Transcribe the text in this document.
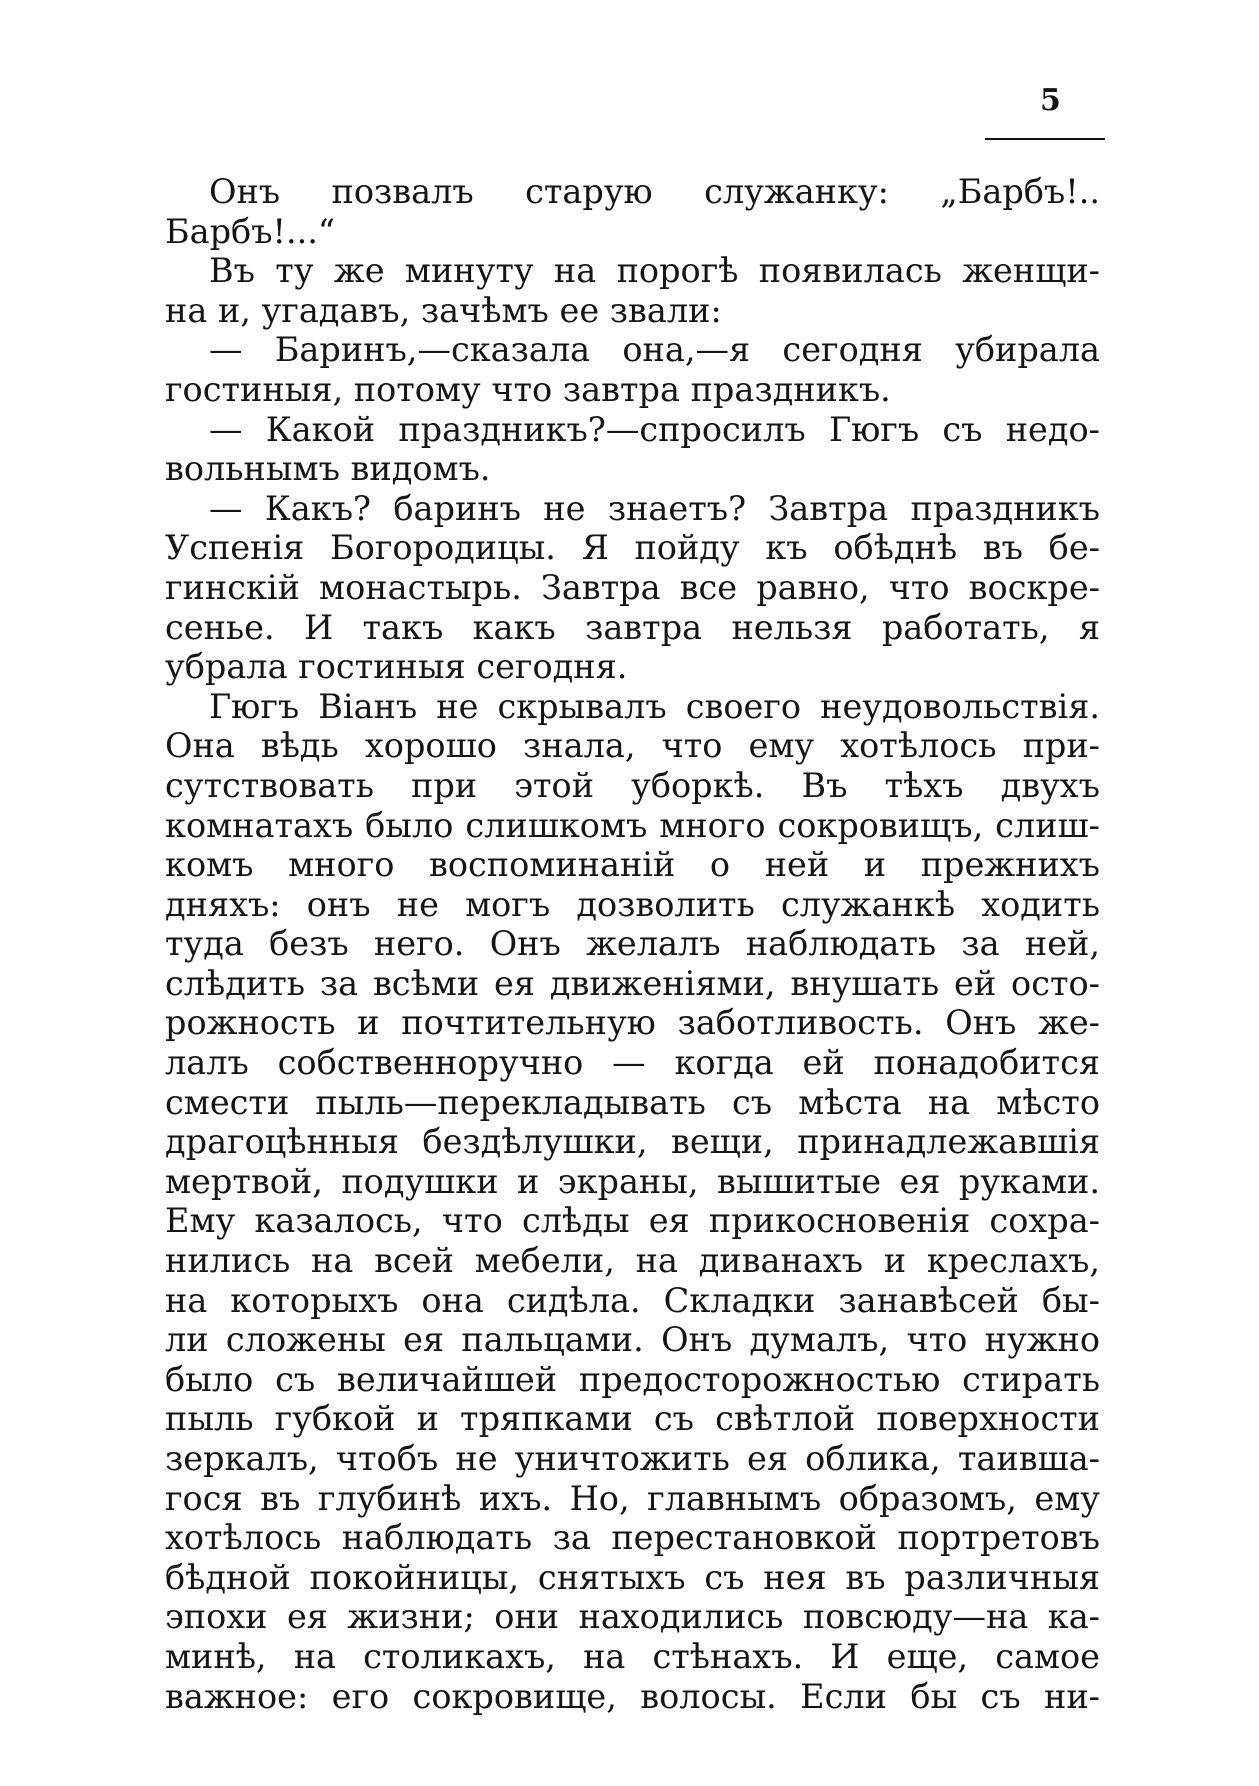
5
Онъ позвалъ старую служанку: „Барбъ!..
Барбъ!...“
Въ ту же минуту на порогѣ появилась женщи-
на и, угадавъ, зачѣмъ ее звали:
— Баринъ,—сказала она,—я сегодня убирала
гостиныя, потому что завтра праздникъ.
— Какой праздникъ?—спросилъ Гюгъ съ недо-
вольнымъ видомъ.
— Какъ? баринъ не знаетъ? Завтра праздникъ
Успенія Богородицы. Я пойду къ обѣднѣ въ бе-
гинскій монастырь. Завтра все равно, что воскре-
сенье. И такъ какъ завтра нельзя работать, я
убрала гостиныя сегодня.
Гюгъ Віанъ не скрывалъ своего неудовольствія.
Она вѣдь хорошо знала, что ему хотѣлось при-
сутствовать при этой уборкѣ. Въ тѣхъ двухъ
комнатахъ было слишкомъ много сокровищъ, слиш-
комъ много воспоминаній о ней и прежнихъ
дняхъ: онъ не могъ дозволить служанкѣ ходить
туда безъ него. Онъ желалъ наблюдать за ней,
слѣдить за всѣми ея движеніями, внушать ей осто-
рожность и почтительную заботливость. Онъ же-
лалъ собственноручно — когда ей понадобится
смести пыль—перекладывать съ мѣста на мѣсто
драгоцѣнныя бездѣлушки, вещи, принадлежавшія
мертвой, подушки и экраны, вышитые ея руками.
Ему казалось, что слѣды ея прикосновенія сохра-
нились на всей мебели, на диванахъ и креслахъ,
на которыхъ она сидѣла. Складки занавѣсей бы-
ли сложены ея пальцами. Онъ думалъ, что нужно
было съ величайшей предосторожностью стирать
пыль губкой и тряпками съ свѣтлой поверхности
зеркалъ, чтобъ не уничтожить ея облика, таивша-
гося въ глубинѣ ихъ. Но, главнымъ образомъ, ему
хотѣлось наблюдать за перестановкой портретовъ
бѣдной покойницы, снятыхъ съ нея въ различныя
эпохи ея жизни; они находились повсюду—на ка-
минѣ, на столикахъ, на стѣнахъ. И еще, самое
важное: его сокровище, волосы. Если бы съ ни-
